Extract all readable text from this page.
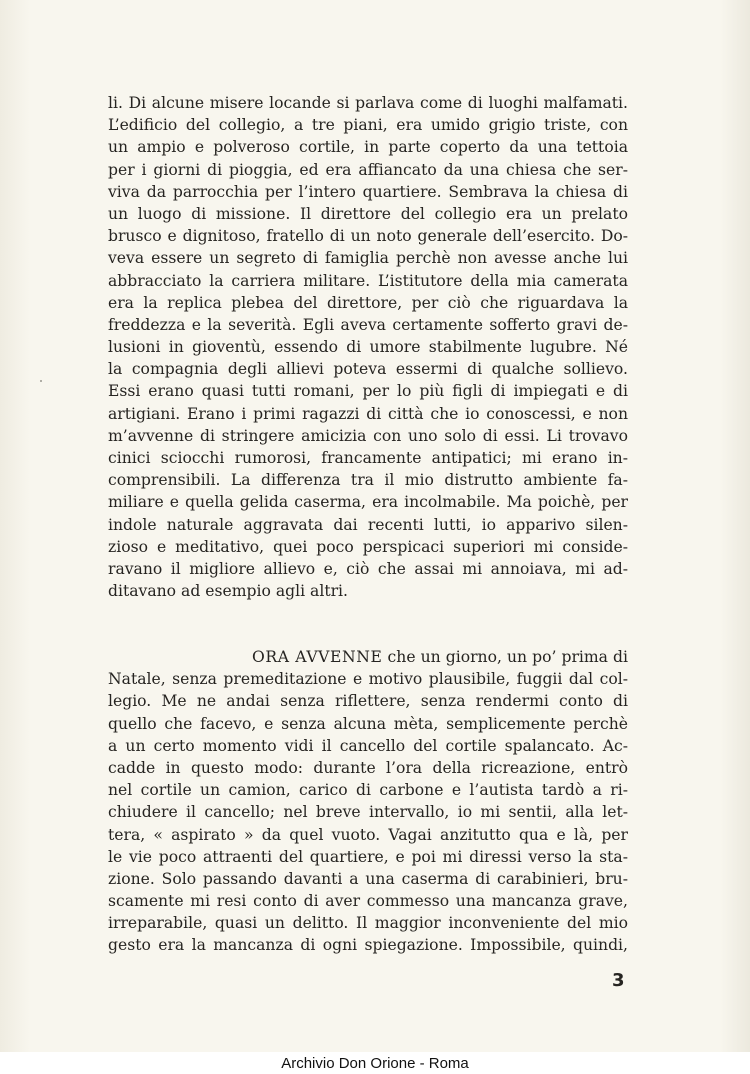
li. Di alcune misere locande si parlava come di luoghi malfamati.
L’edificio del collegio, a tre piani, era umido grigio triste, con
un ampio e polveroso cortile, in parte coperto da una tettoia
per i giorni di pioggia, ed era affiancato da una chiesa che ser-
viva da parrocchia per l’intero quartiere. Sembrava la chiesa di
un luogo di missione. Il direttore del collegio era un prelato
brusco e dignitoso, fratello di un noto generale dell’esercito. Do-
veva essere un segreto di famiglia perchè non avesse anche lui
abbracciato la carriera militare. L’istitutore della mia camerata
era la replica plebea del direttore, per ciò che riguardava la
freddezza e la severità. Egli aveva certamente sofferto gravi de-
lusioni in gioventù, essendo di umore stabilmente lugubre. Né
la compagnia degli allievi poteva essermi di qualche sollievo.
Essi erano quasi tutti romani, per lo più figli di impiegati e di
artigiani. Erano i primi ragazzi di città che io conoscessi, e non
m’avvenne di stringere amicizia con uno solo di essi. Li trovavo
cinici sciocchi rumorosi, francamente antipatici; mi erano in-
comprensibili. La differenza tra il mio distrutto ambiente fa-
miliare e quella gelida caserma, era incolmabile. Ma poichè, per
indole naturale aggravata dai recenti lutti, io apparivo silen-
zioso e meditativo, quei poco perspicaci superiori mi conside-
ravano il migliore allievo e, ciò che assai mi annoiava, mi ad-
ditavano ad esempio agli altri.
ORA AVVENNE che un giorno, un po’ prima di
Natale, senza premeditazione e motivo plausibile, fuggii dal col-
legio. Me ne andai senza riflettere, senza rendermi conto di
quello che facevo, e senza alcuna mèta, semplicemente perchè
a un certo momento vidi il cancello del cortile spalancato. Ac-
cadde in questo modo: durante l’ora della ricreazione, entrò
nel cortile un camion, carico di carbone e l’autista tardò a ri-
chiudere il cancello; nel breve intervallo, io mi sentii, alla let-
tera, « aspirato » da quel vuoto. Vagai anzitutto qua e là, per
le vie poco attraenti del quartiere, e poi mi diressi verso la sta-
zione. Solo passando davanti a una caserma di carabinieri, bru-
scamente mi resi conto di aver commesso una mancanza grave,
irreparabile, quasi un delitto. Il maggior inconveniente del mio
gesto era la mancanza di ogni spiegazione. Impossibile, quindi,
3
Archivio Don Orione - Roma
